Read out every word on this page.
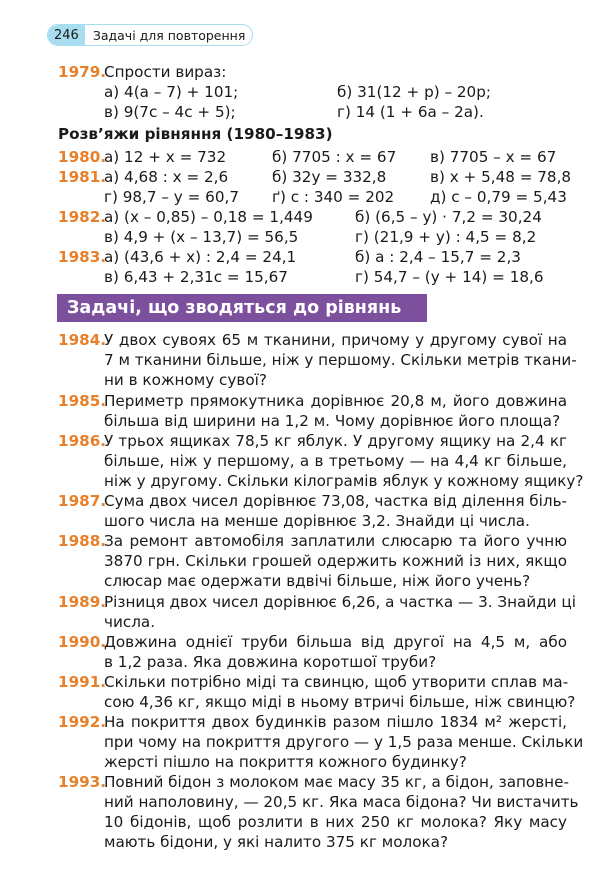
246	Задачі для повторення
1979.
Спрости вираз:
а) 4(a – 7) + 101;	б) 31(12 + p) – 20p;
в) 9(7c – 4c + 5);	г) 14 (1 + 6a – 2a).
Розв’яжи рівняння (1980–1983)
1980.
а) 12 + x = 732	б) 7705 : x = 67 в) 7705 – x = 67
1981.
а) 4,68 : x = 2,6	б) 32y = 332,8	в) x + 5,48 = 78,8
г) 98,7 – y = 60,7 ґ) c : 340 = 202 д) c – 0,79 = 5,43
1982.
а) (x – 0,85) – 0,18 = 1,449	б) (6,5 – y) · 7,2 = 30,24
в) 4,9 + (x – 13,7) = 56,5	г) (21,9 + y) : 4,5 = 8,2
1983.
а) (43,6 + x) : 2,4 = 24,1	б) a : 2,4 – 15,7 = 2,3
в) 6,43 + 2,31c = 15,67	г) 54,7 – (y + 14) = 18,6
Задачі, що зводяться до рівнянь
1984.
У двох сувоях 65 м тканини, причому у другому сувої на
7 м тканини більше, ніж у першому. Скільки метрів ткани-
ни в кожному сувої?
1985.
Периметр прямокутника дорівнює 20,8 м, його довжина
більша від ширини на 1,2 м. Чому дорівнює його площа?
1986.
У трьох ящиках 78,5 кг яблук. У другому ящику на 2,4 кг
більше, ніж у першому, а в третьому — на 4,4 кг більше,
ніж у другому. Скільки кілограмів яблук у кожному ящику?
1987.
Сума двох чисел дорівнює 73,08, частка від ділення біль-
шого числа на менше дорівнює 3,2. Знайди ці числа.
1988.
За ремонт автомобіля заплатили слюсарю та його учню
3870 грн. Скільки грошей одержить кожний із них, якщо
слюсар має одержати вдвічі більше, ніж його учень?
1989.
Різниця двох чисел дорівнює 6,26, а частка — 3. Знайди ці
числа.
1990.
Довжина однієї труби більша від другої на 4,5 м, або
в 1,2 раза. Яка довжина коротшої труби?
1991.
Скільки потрібно міді та свинцю, щоб утворити сплав ма-
сою 4,36 кг, якщо міді в ньому втричі більше, ніж свинцю?
1992.
На покриття двох будинків разом пішло 1834 м² жерсті,
при чому на покриття другого — у 1,5 раза менше. Скільки
жерсті пішло на покриття кожного будинку?
1993.
Повний бідон з молоком має масу 35 кг, а бідон, заповне-
ний наполовину, — 20,5 кг. Яка маса бідона? Чи вистачить
10 бідонів, щоб розлити в них 250 кг молока? Яку масу
мають бідони, у які налито 375 кг молока?
